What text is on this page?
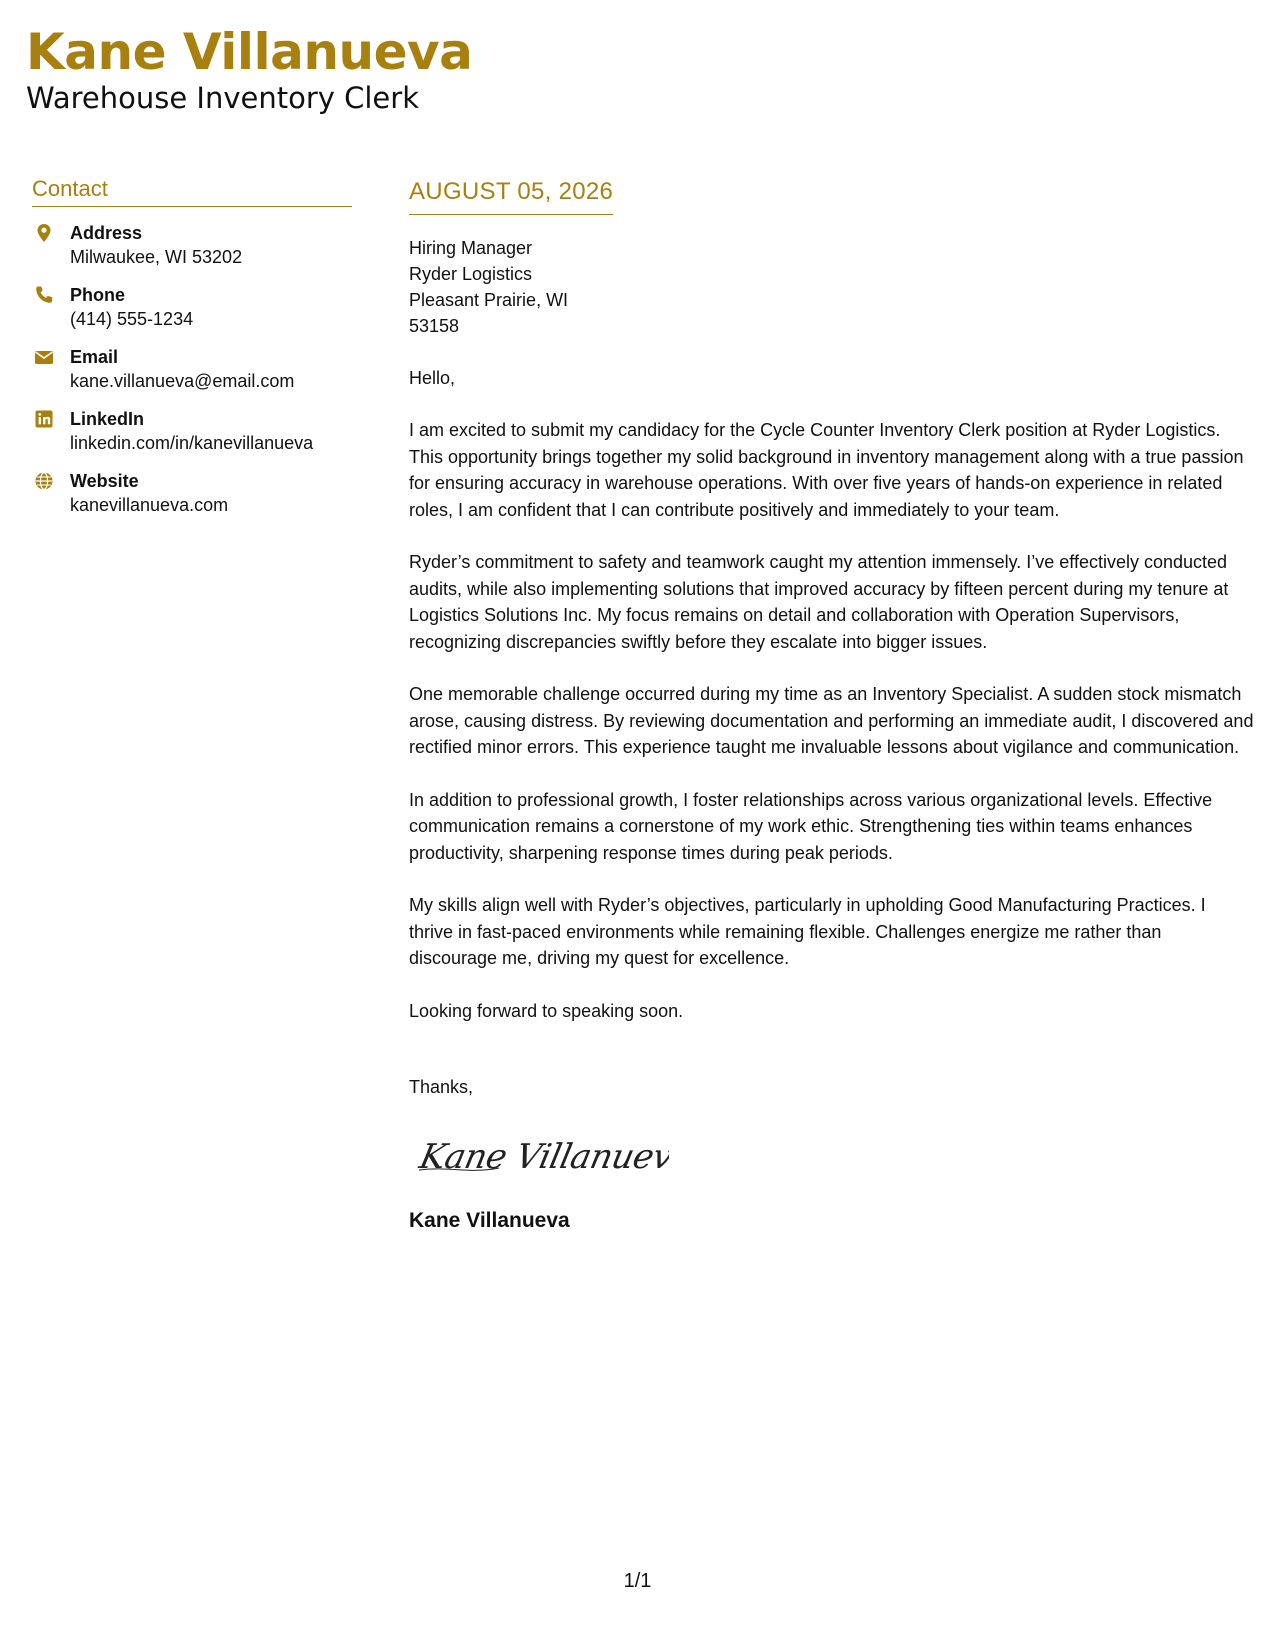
Kane Villanueva
Warehouse Inventory Clerk
Contact
Address
Milwaukee, WI 53202
Phone
(414) 555-1234
Email
kane.villanueva@email.com
LinkedIn
linkedin.com/in/kanevillanueva
Website
kanevillanueva.com
AUGUST 05, 2026
Hiring Manager
Ryder Logistics
Pleasant Prairie, WI
53158
Hello,
I am excited to submit my candidacy for the Cycle Counter Inventory Clerk position at Ryder Logistics. This opportunity brings together my solid background in inventory management along with a true passion for ensuring accuracy in warehouse operations. With over five years of hands-on experience in related roles, I am confident that I can contribute positively and immediately to your team.
Ryder’s commitment to safety and teamwork caught my attention immensely. I’ve effectively conducted audits, while also implementing solutions that improved accuracy by fifteen percent during my tenure at Logistics Solutions Inc. My focus remains on detail and collaboration with Operation Supervisors, recognizing discrepancies swiftly before they escalate into bigger issues.
One memorable challenge occurred during my time as an Inventory Specialist. A sudden stock mismatch arose, causing distress. By reviewing documentation and performing an immediate audit, I discovered and rectified minor errors. This experience taught me invaluable lessons about vigilance and communication.
In addition to professional growth, I foster relationships across various organizational levels. Effective communication remains a cornerstone of my work ethic. Strengthening ties within teams enhances productivity, sharpening response times during peak periods.
My skills align well with Ryder’s objectives, particularly in upholding Good Manufacturing Practices. I thrive in fast-paced environments while remaining flexible. Challenges energize me rather than discourage me, driving my quest for excellence.
Looking forward to speaking soon.
Thanks,
Kane Villanueva
Kane Villanueva
1/1
